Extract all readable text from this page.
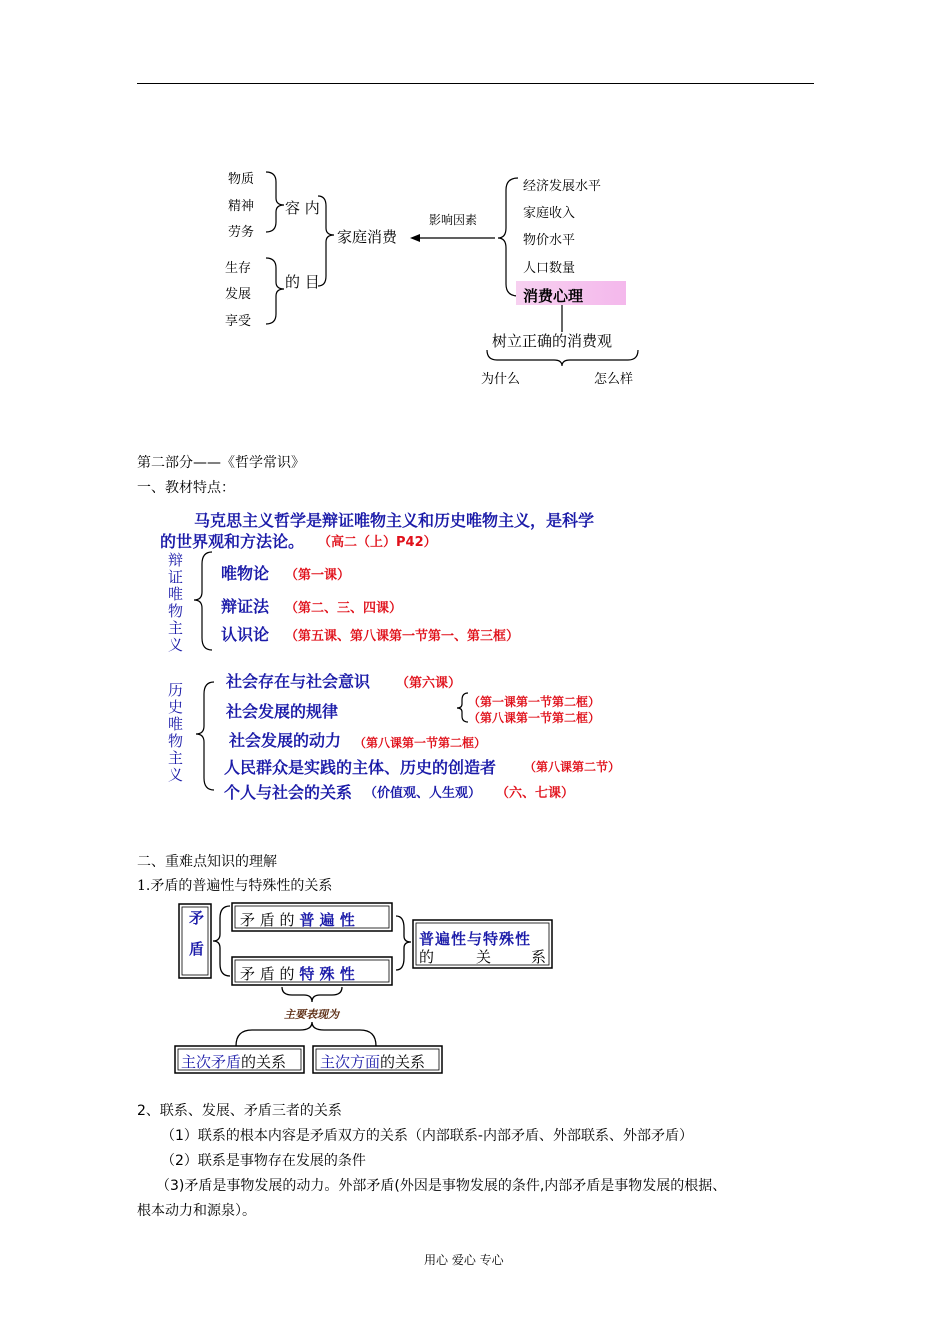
物质
精神
劳务
容 内
生存
发展
享受
的 目
家庭消费
影响因素
经济发展水平
家庭收入
物价水平
人口数量
消费心理
树立正确的消费观
为什么	怎么样
第二部分——《哲学常识》
一、教材特点：
马克思主义哲学是辩证唯物主义和历史唯物主义，是科学
的世界观和方法论。 （高二（上）P42）
辩证唯物主义 唯物论 （第一课）
辩证法 （第二、三、四课）
认识论 （第五课、第八课第一节第一、第三框）
历史唯物主义
社会存在与社会意识 （第六课）
社会发展的规律	（第一课第一节第二框）
（第八课第一节第二框）
社会发展的动力 （第八课第一节第二框）
人民群众是实践的主体、历史的创造者 （第八课第二节）
个人与社会的关系 （价值观、人生观） （六、七课）
二、重难点知识的理解
1.矛盾的普遍性与特殊性的关系
矛盾 矛 盾 的 普 遍 性
矛 盾 的 特 殊 性
普遍性与特殊性
的	关	系
主要表现为
主次矛盾的关系 主次方面的关系
2、联系、发展、矛盾三者的关系
（1）联系的根本内容是矛盾双方的关系（内部联系-内部矛盾、外部联系、外部矛盾）
（2）联系是事物存在发展的条件
（3)矛盾是事物发展的动力。外部矛盾(外因是事物发展的条件,内部矛盾是事物发展的根据、
根本动力和源泉）。
用心 爱心 专心
